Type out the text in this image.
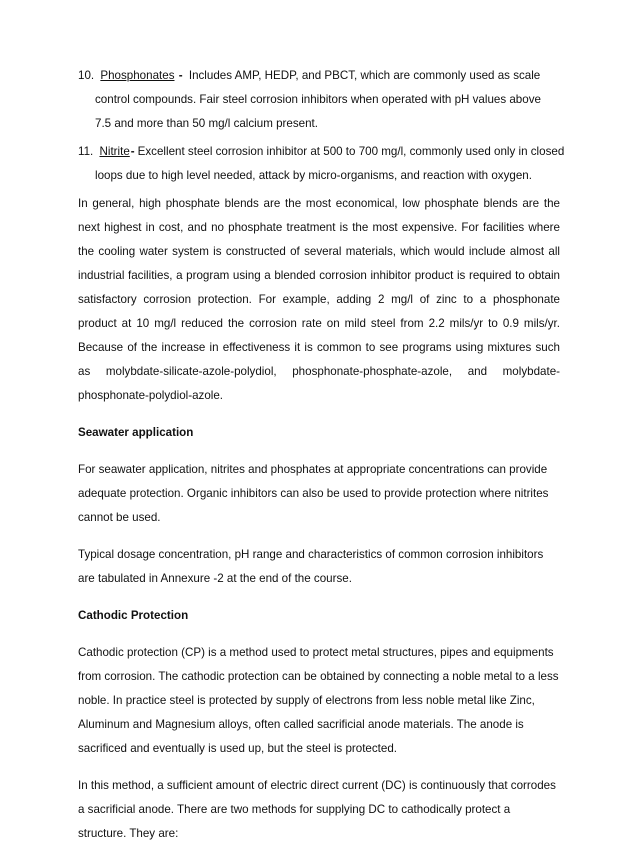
10. Phosphonates - Includes AMP, HEDP, and PBCT, which are commonly used as scale
control compounds. Fair steel corrosion inhibitors when operated with pH values above 7.5 and more than 50 mg/l calcium present.
11. Nitrite- Excellent steel corrosion inhibitor at 500 to 700 mg/l, commonly used only in closed
loops due to high level needed, attack by micro-organisms, and reaction with oxygen.

In general, high phosphate blends are the most economical, low phosphate blends are the next highest in cost, and no phosphate treatment is the most expensive. For facilities where the cooling water system is constructed of several materials, which would include almost all industrial facilities, a program using a blended corrosion inhibitor product is required to obtain satisfactory corrosion protection. For example, adding 2 mg/l of zinc to a phosphonate product at 10 mg/l reduced the corrosion rate on mild steel from 2.2 mils/yr to 0.9 mils/yr. Because of the increase in effectiveness it is common to see programs using mixtures such as molybdate-silicate-azole-polydiol, phosphonate-phosphate-azole, and molybdate-phosphonate-polydiol-azole.

Seawater application

For seawater application, nitrites and phosphates at appropriate concentrations can provide adequate protection. Organic inhibitors can also be used to provide protection where nitrites cannot be used.

Typical dosage concentration, pH range and characteristics of common corrosion inhibitors are tabulated in Annexure -2 at the end of the course.

Cathodic Protection

Cathodic protection (CP) is a method used to protect metal structures, pipes and equipments from corrosion. The cathodic protection can be obtained by connecting a noble metal to a less noble. In practice steel is protected by supply of electrons from less noble metal like Zinc, Aluminum and Magnesium alloys, often called sacrificial anode materials. The anode is sacrificed and eventually is used up, but the steel is protected.

In this method, a sufficient amount of electric direct current (DC) is continuously that corrodes a sacrificial anode. There are two methods for supplying DC to cathodically protect a structure. They are:
